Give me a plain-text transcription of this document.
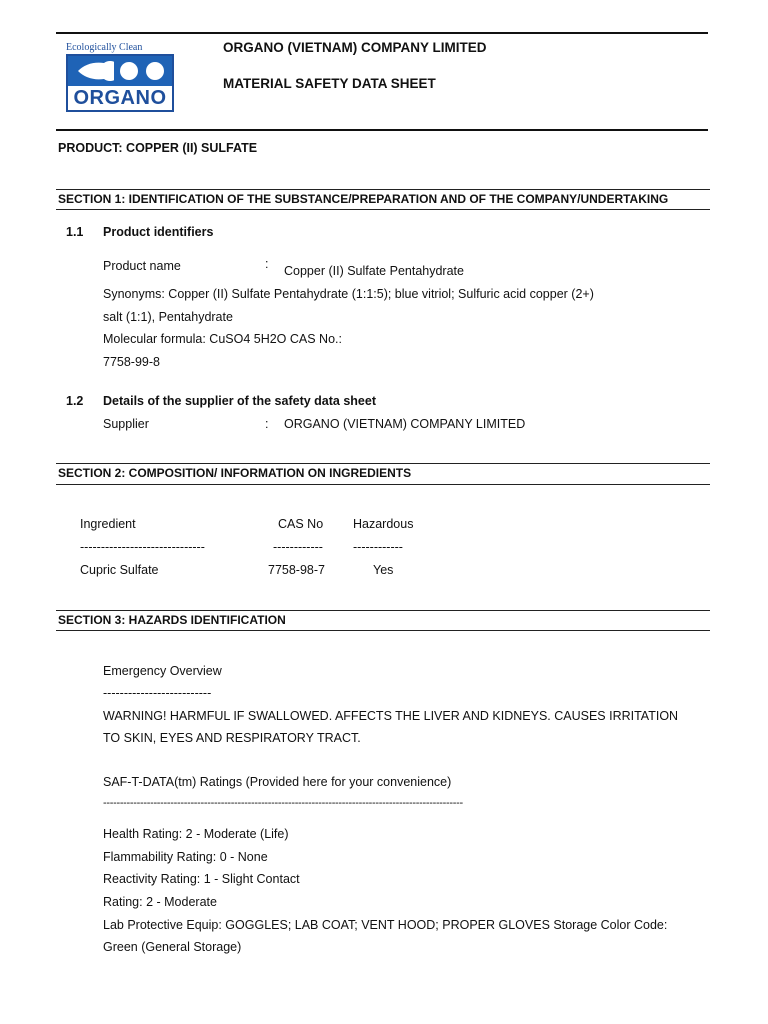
Ecologically Clean
ORGANO
ORGANO (VIETNAM) COMPANY LIMITED
MATERIAL SAFETY DATA SHEET
PRODUCT: COPPER (II) SULFATE
SECTION 1: IDENTIFICATION OF THE SUBSTANCE/PREPARATION AND OF THE COMPANY/UNDERTAKING
1.1 Product identifiers
Product name	: Copper (II) Sulfate Pentahydrate
Synonyms: Copper (II) Sulfate Pentahydrate (1:1:5); blue vitriol; Sulfuric acid copper (2+)
salt (1:1), Pentahydrate
Molecular formula: CuSO4 5H2O CAS No.:
7758-99-8
1.2 Details of the supplier of the safety data sheet
Supplier	: ORGANO (VIETNAM) COMPANY LIMITED
SECTION 2: COMPOSITION/ INFORMATION ON INGREDIENTS
Ingredient	CAS No Hazardous
------------------------------	------------ ------------
Cupric Sulfate	7758-98-7	Yes
SECTION 3: HAZARDS IDENTIFICATION
Emergency Overview
--------------------------
WARNING! HARMFUL IF SWALLOWED. AFFECTS THE LIVER AND KIDNEYS. CAUSES IRRITATION
TO SKIN, EYES AND RESPIRATORY TRACT.
SAF-T-DATA(tm) Ratings (Provided here for your convenience)
-----------------------------------------------------------------------------------------------------------
Health Rating: 2 - Moderate (Life)
Flammability Rating: 0 - None
Reactivity Rating: 1 - Slight Contact
Rating: 2 - Moderate
Lab Protective Equip: GOGGLES; LAB COAT; VENT HOOD; PROPER GLOVES Storage Color Code:
Green (General Storage)
